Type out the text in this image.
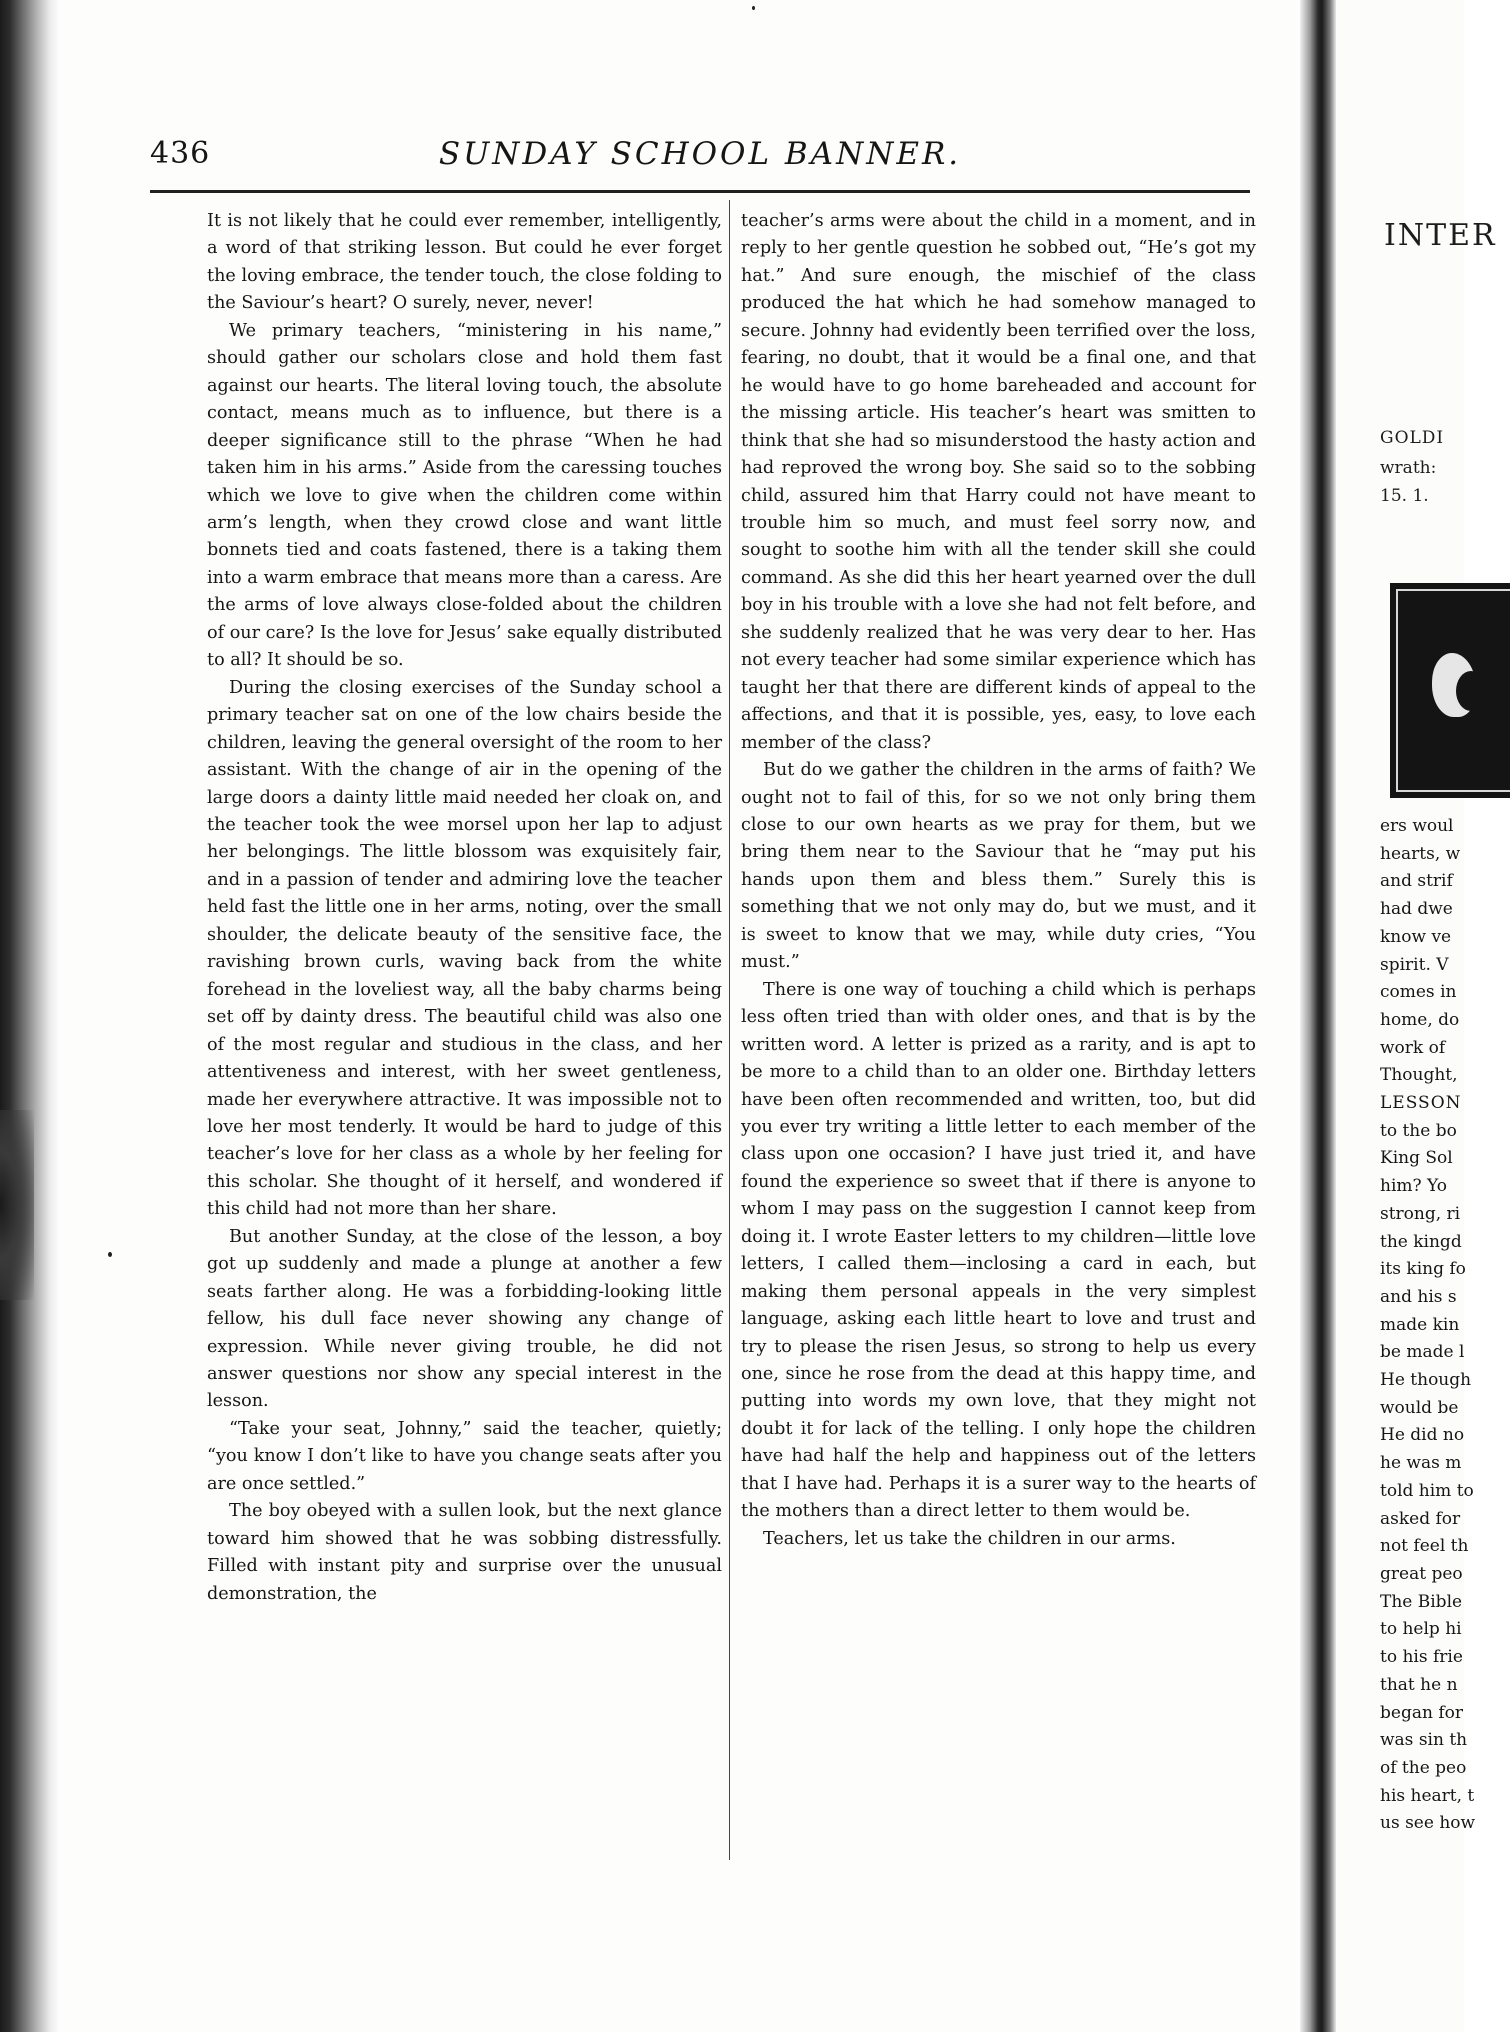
436	SUNDAY SCHOOL BANNER.

It is not likely that he could ever remember, intelligently, a word of that striking lesson. But could he ever forget the loving embrace, the tender touch, the close folding to the Saviour’s heart? O surely, never, never!

We primary teachers, “ministering in his name,” should gather our scholars close and hold them fast against our hearts. The literal loving touch, the absolute contact, means much as to influence, but there is a deeper significance still to the phrase “When he had taken him in his arms.” Aside from the caressing touches which we love to give when the children come within arm’s length, when they crowd close and want little bonnets tied and coats fastened, there is a taking them into a warm embrace that means more than a caress. Are the arms of love always close-folded about the children of our care? Is the love for Jesus’ sake equally distributed to all? It should be so.

During the closing exercises of the Sunday school a primary teacher sat on one of the low chairs beside the children, leaving the general oversight of the room to her assistant. With the change of air in the opening of the large doors a dainty little maid needed her cloak on, and the teacher took the wee morsel upon her lap to adjust her belongings. The little blossom was exquisitely fair, and in a passion of tender and admiring love the teacher held fast the little one in her arms, noting, over the small shoulder, the delicate beauty of the sensitive face, the ravishing brown curls, waving back from the white forehead in the loveliest way, all the baby charms being set off by dainty dress. The beautiful child was also one of the most regular and studious in the class, and her attentiveness and interest, with her sweet gentleness, made her everywhere attractive. It was impossible not to love her most tenderly. It would be hard to judge of this teacher’s love for her class as a whole by her feeling for this scholar. She thought of it herself, and wondered if this child had not more than her share.

But another Sunday, at the close of the lesson, a boy got up suddenly and made a plunge at another a few seats farther along. He was a forbidding-looking little fellow, his dull face never showing any change of expression. While never giving trouble, he did not answer questions nor show any special interest in the lesson.

“Take your seat, Johnny,” said the teacher, quietly; “you know I don’t like to have you change seats after you are once settled.”

The boy obeyed with a sullen look, but the next glance toward him showed that he was sobbing distressfully. Filled with instant pity and surprise over the unusual demonstration, the

teacher’s arms were about the child in a moment, and in reply to her gentle question he sobbed out, “He’s got my hat.” And sure enough, the mischief of the class produced the hat which he had somehow managed to secure. Johnny had evidently been terrified over the loss, fearing, no doubt, that it would be a final one, and that he would have to go home bareheaded and account for the missing article. His teacher’s heart was smitten to think that she had so misunderstood the hasty action and had reproved the wrong boy. She said so to the sobbing child, assured him that Harry could not have meant to trouble him so much, and must feel sorry now, and sought to soothe him with all the tender skill she could command. As she did this her heart yearned over the dull boy in his trouble with a love she had not felt before, and she suddenly realized that he was very dear to her. Has not every teacher had some similar experience which has taught her that there are different kinds of appeal to the affections, and that it is possible, yes, easy, to love each member of the class?

But do we gather the children in the arms of faith? We ought not to fail of this, for so we not only bring them close to our own hearts as we pray for them, but we bring them near to the Saviour that he “may put his hands upon them and bless them.” Surely this is something that we not only may do, but we must, and it is sweet to know that we may, while duty cries, “You must.”

There is one way of touching a child which is perhaps less often tried than with older ones, and that is by the written word. A letter is prized as a rarity, and is apt to be more to a child than to an older one. Birthday letters have been often recommended and written, too, but did you ever try writing a little letter to each member of the class upon one occasion? I have just tried it, and have found the experience so sweet that if there is anyone to whom I may pass on the suggestion I cannot keep from doing it. I wrote Easter letters to my children—little love letters, I called them—inclosing a card in each, but making them personal appeals in the very simplest language, asking each little heart to love and trust and try to please the risen Jesus, so strong to help us every one, since he rose from the dead at this happy time, and putting into words my own love, that they might not doubt it for lack of the telling. I only hope the children have had half the help and happiness out of the letters that I have had. Perhaps it is a surer way to the hearts of the mothers than a direct letter to them would be.

Teachers, let us take the children in our arms.

INTER
GOLDI
wrath:
15. 1.
ers woul
hearts, w
and strif
had dwe
know ve
spirit. V
comes in
home, do
work of
Thought,
LESSON
to the bo
King Sol
him? Yo
strong, ri
the kingd
its king fo
and his s
made kin
be made l
He though
would be
He did no
he was m
told him to
asked for
not feel th
great peo
The Bible
to help hi
to his frie
that he n
began for
was sin th
of the peo
his heart, t
us see how
